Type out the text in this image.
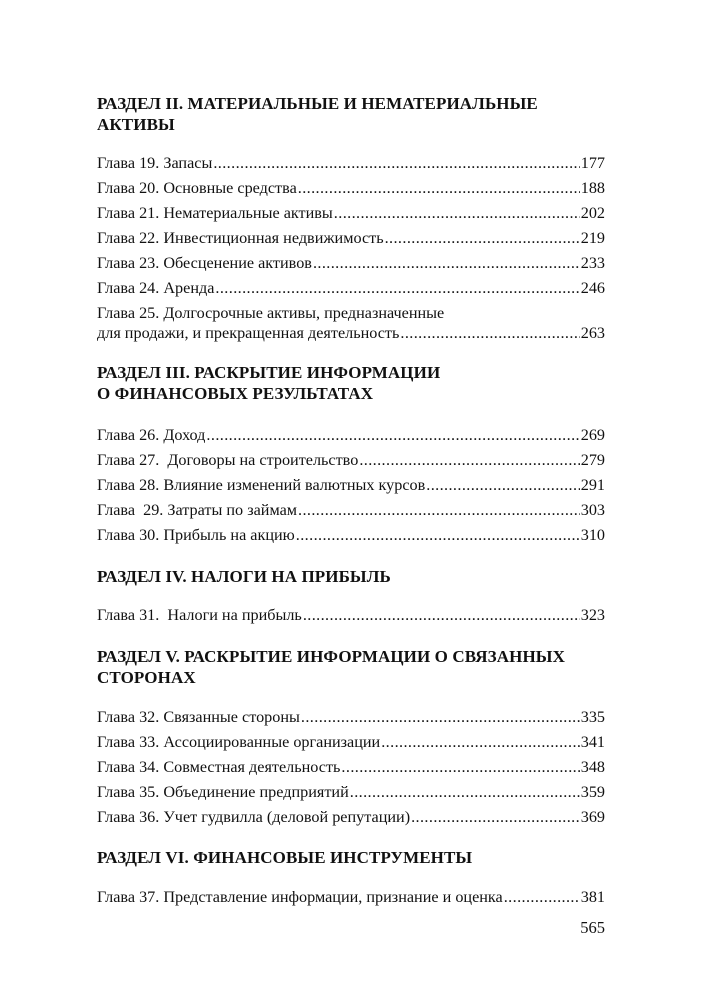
РАЗДЕЛ II. МАТЕРИАЛЬНЫЕ И НЕМАТЕРИАЛЬНЫЕ
АКТИВЫ
Глава 19. Запасы .....	177
Глава 20. Основные средства .....	188
Глава 21. Нематериальные активы .....	202
Глава 22. Инвестиционная недвижимость .....	219
Глава 23. Обесценение активов .....	233
Глава 24. Аренда .....	246
Глава 25. Долгосрочные активы, предназначенные
для продажи, и прекращенная деятельность .....	263
РАЗДЕЛ III. РАСКРЫТИЕ ИНФОРМАЦИИ
О ФИНАНСОВЫХ РЕЗУЛЬТАТАХ
Глава 26. Доход .....	269
Глава 27.  Договоры на строительство .....	279
Глава 28. Влияние изменений валютных курсов .....	291
Глава  29. Затраты по займам .....	303
Глава 30. Прибыль на акцию .....	310
РАЗДЕЛ IV. НАЛОГИ НА ПРИБЫЛЬ
Глава 31.  Налоги на прибыль .....	323
РАЗДЕЛ V. РАСКРЫТИЕ ИНФОРМАЦИИ О СВЯЗАННЫХ
СТОРОНАХ
Глава 32. Связанные стороны .....	335
Глава 33. Ассоциированные организации .....	341
Глава 34. Совместная деятельность .....	348
Глава 35. Объединение предприятий .....	359
Глава 36. Учет гудвилла (деловой репутации) .....	369
РАЗДЕЛ VI. ФИНАНСОВЫЕ ИНСТРУМЕНТЫ
Глава 37. Представление информации, признание и оценка .....	381
565
